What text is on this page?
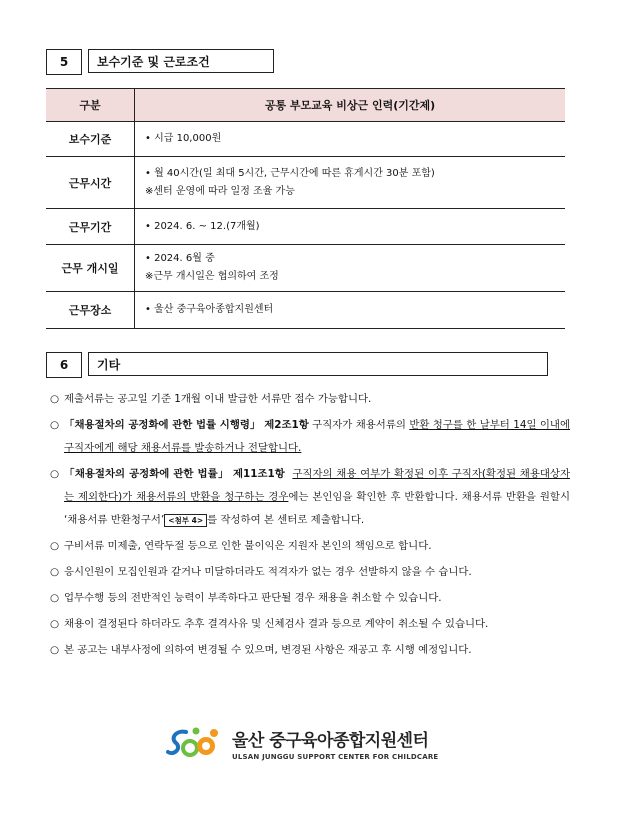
5	보수기준 및 근로조건
구분	공통 부모교육 비상근 인력(기간제)
보수기준	• 시급 10,000원

근무시간	• 월 40시간(일 최대 5시간, 근무시간에 따른 휴게시간 30분 포함)
※센터 운영에 따라 일정 조율 가능

근무기간	• 2024. 6. ~ 12.(7개월)

근무 개시일	• 2024. 6월 중
※근무 개시일은 협의하여 조정

근무장소	• 울산 중구육아종합지원센터
6	기타
○ 제출서류는 공고일 기준 1개월 이내 발급한 서류만 접수 가능합니다.
○ 「채용절차의 공정화에 관한 법률 시행령」 제2조1항 구직자가 채용서류의 반환 청구를 한 날부터 14일 이내에 구직자에게 해당 채용서류를 발송하거나 전달합니다.
○ 「채용절차의 공정화에 관한 법률」 제11조1항 구직자의 채용 여부가 확정된 이후 구직자(확정된 채용대상자는 제외한다)가 채용서류의 반환을 청구하는 경우에는 본인임을 확인한 후 반환합니다. 채용서류 반환을 원할시 ‘채용서류 반환청구서’ <첨부 4> 를 작성하여 본 센터로 제출합니다.
○ 구비서류 미제출, 연락두절 등으로 인한 불이익은 지원자 본인의 책임으로 합니다.
○ 응시인원이 모집인원과 같거나 미달하더라도 적격자가 없는 경우 선발하지 않을 수 습니다.
○ 업무수행 등의 전반적인 능력이 부족하다고 판단될 경우 채용을 취소할 수 있습니다.
○ 채용이 결정된다 하더라도 추후 결격사유 및 신체검사 결과 등으로 계약이 취소될 수 있습니다.
○ 본 공고는 내부사정에 의하여 변경될 수 있으며, 변경된 사항은 재공고 후 시행 예정입니다.
울산 중구육아종합지원센터
ULSAN JUNGGU SUPPORT CENTER FOR CHILDCARE
